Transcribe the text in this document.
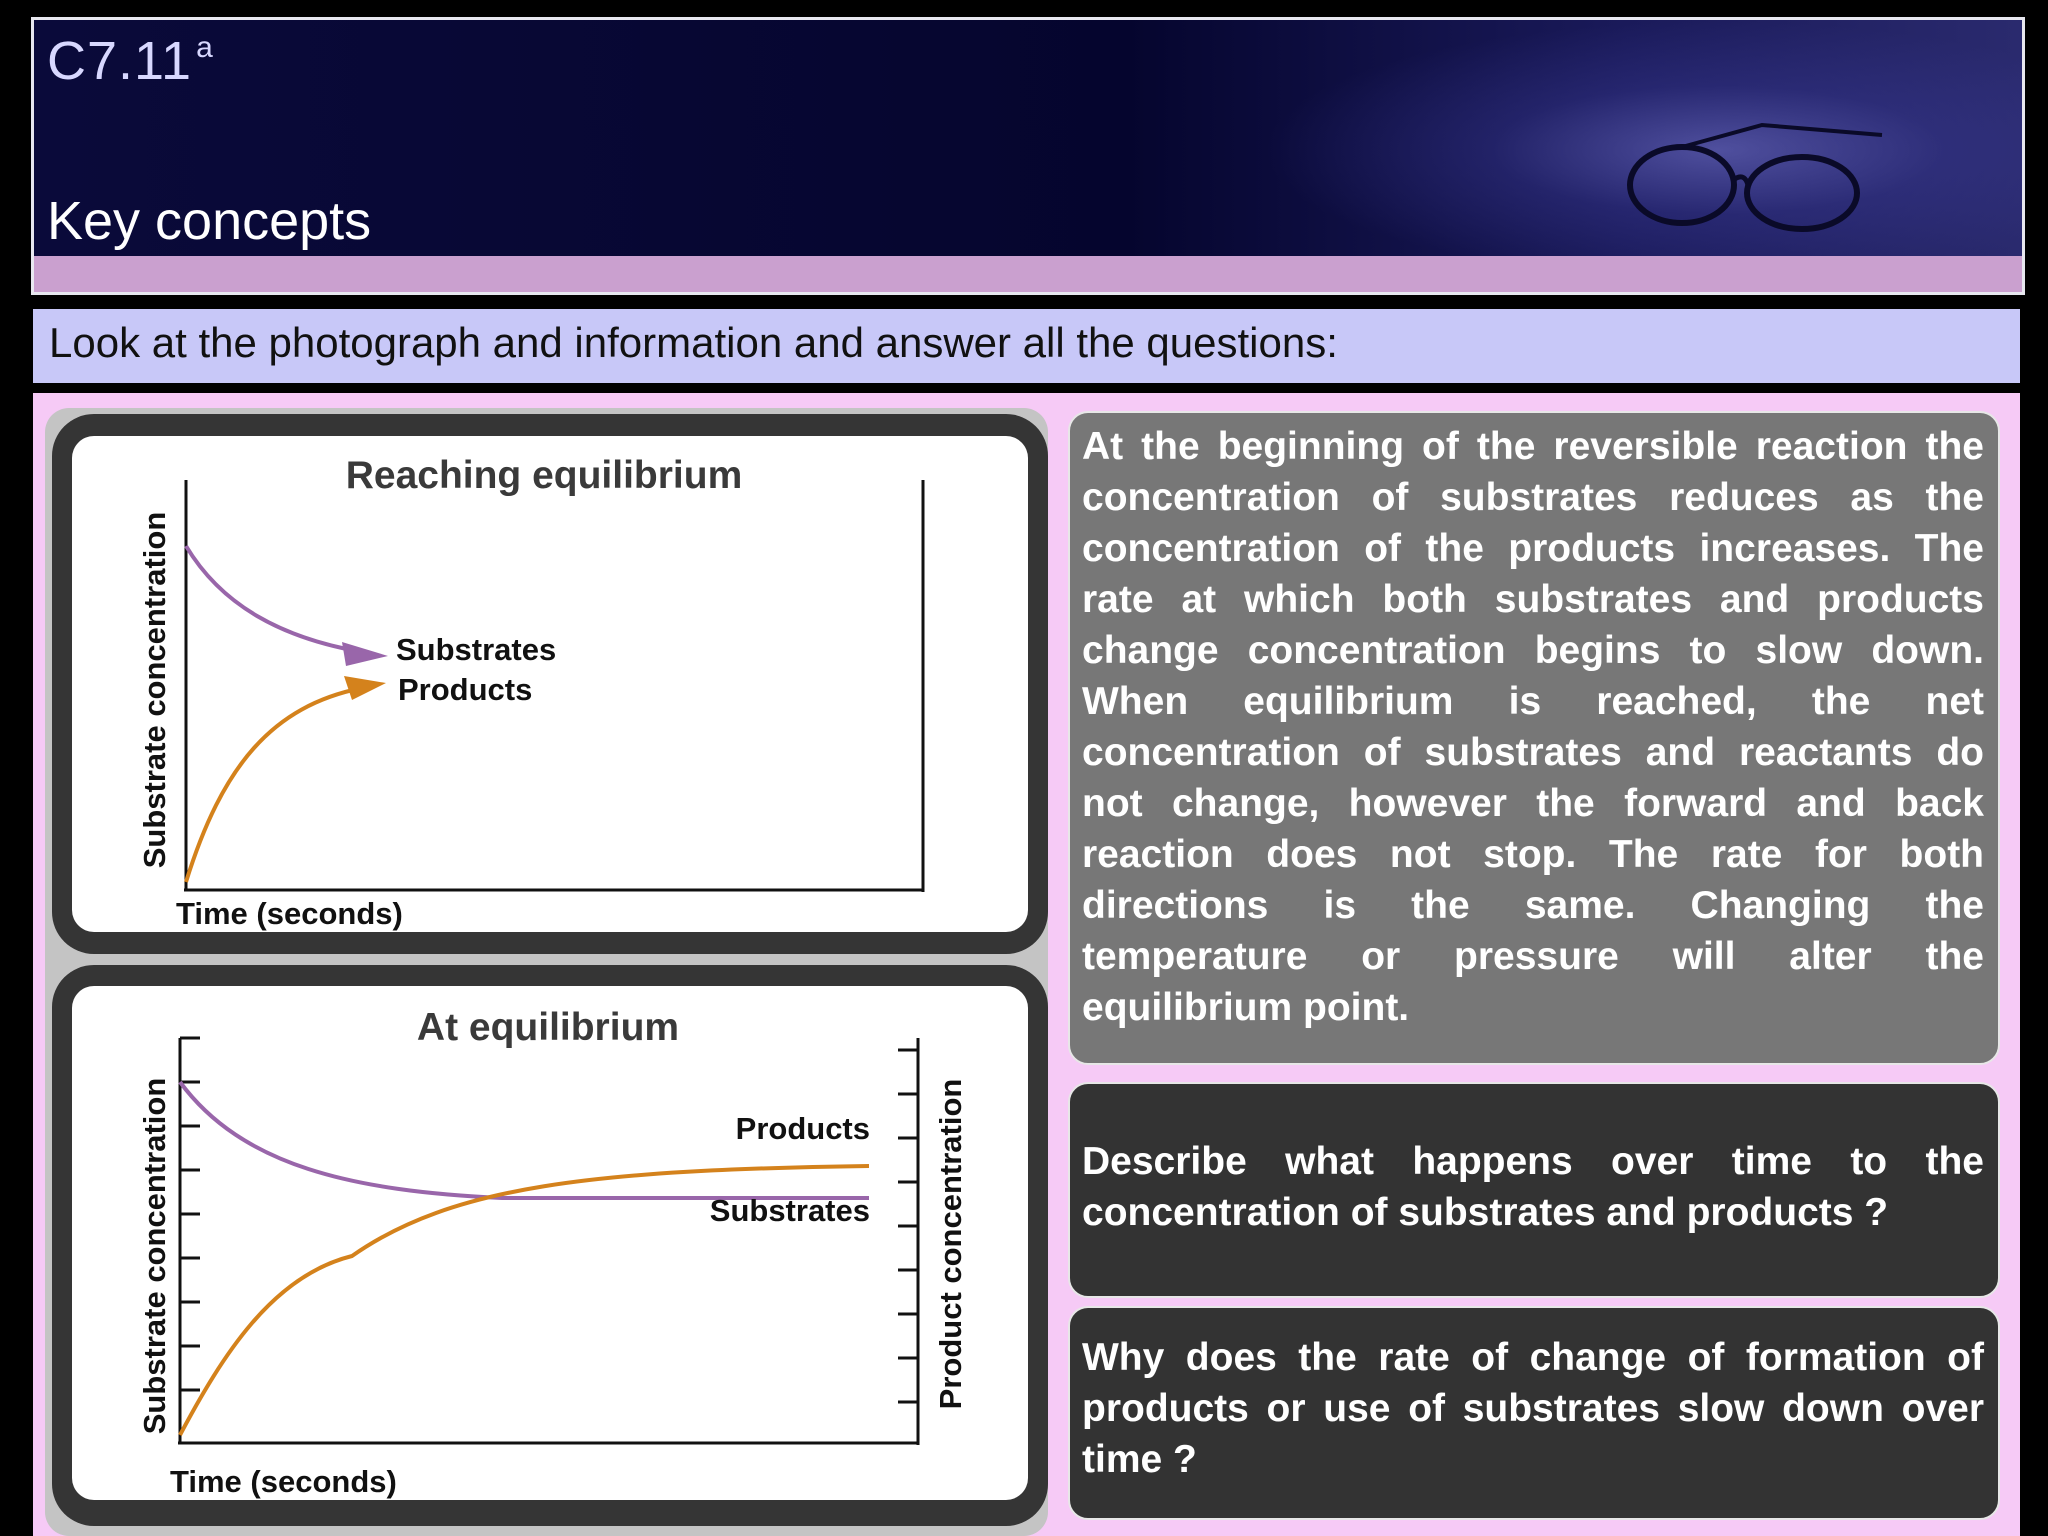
C7.11 $^a$
Key concepts
Look at the photograph and information and answer all the questions:
Reaching equilibrium
Substrate concentration
Time (seconds)
Substrates
Products
At equilibrium
Substrate concentration	Product concentration
Time (seconds)
Products
Substrates
At the beginning of the reversible reaction the concentration of substrates reduces as the concentration of the products increases. The rate at which both substrates and products change concentration begins to slow down. When equilibrium is reached, the net concentration of substrates and reactants do not change, however the forward and back reaction does not stop. The rate for both directions is the same. Changing the temperature or pressure will alter the equilibrium point.
Describe what happens over time to the concentration of substrates and products ?
Why does the rate of change of formation of products or use of substrates slow down over time ?
